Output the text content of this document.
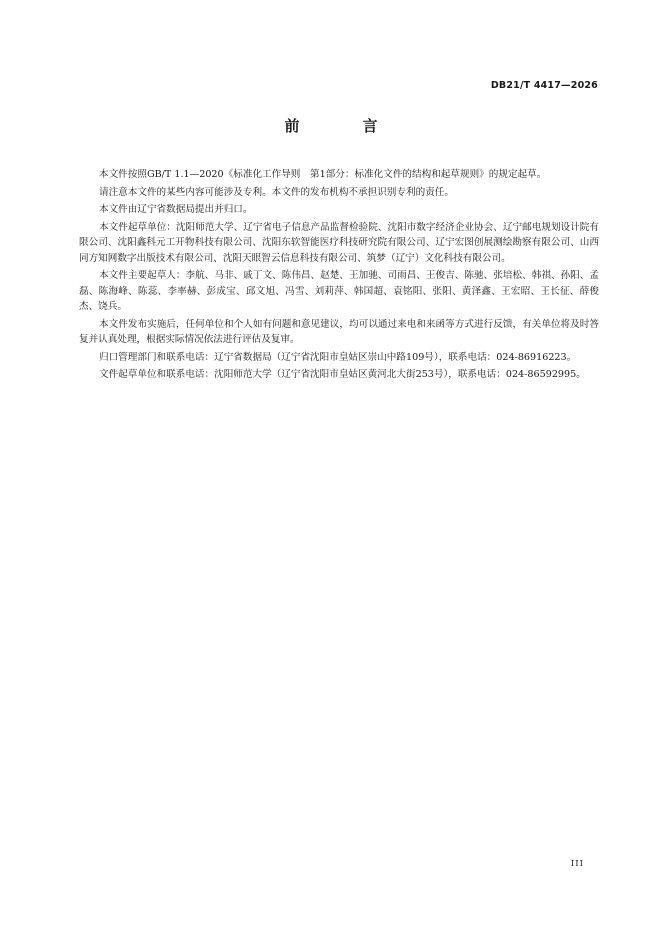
DB21/T 4417—2026
前　言

本文件按照GB/T 1.1—2020《标准化工作导则　第1部分：标准化文件的结构和起草规则》的规定起草。

请注意本文件的某些内容可能涉及专利。本文件的发布机构不承担识别专利的责任。

本文件由辽宁省数据局提出并归口。

本文件起草单位：沈阳师范大学、辽宁省电子信息产品监督检验院、沈阳市数字经济企业协会、辽宁邮电规划设计院有限公司、沈阳鑫科元工开物科技有限公司、沈阳东软智能医疗科技研究院有限公司、辽宁宏图创展测绘勘察有限公司、山西同方知网数字出版技术有限公司、沈阳天眼智云信息科技有限公司、筑梦（辽宁）文化科技有限公司。

本文件主要起草人：李航、马非、戚丁文、陈伟昌、赵楚、王加驰、司雨昌、王俊吉、陈驰、张培松、韩祺、孙阳、孟磊、陈海峰、陈蕊、李率赫、彭成宝、邱文旭、冯雪、刘莉萍、韩国超、袁铭阳、张阳、黄泽鑫、王宏昭、王长征、薛俊杰、饶兵。

本文件发布实施后，任何单位和个人如有问题和意见建议，均可以通过来电和来函等方式进行反馈，有关单位将及时答复并认真处理，根据实际情况依法进行评估及复审。

归口管理部门和联系电话：辽宁省数据局（辽宁省沈阳市皇姑区崇山中路109号），联系电话：024-86916223。

文件起草单位和联系电话：沈阳师范大学（辽宁省沈阳市皇姑区黄河北大街253号），联系电话：024-86592995。

III
